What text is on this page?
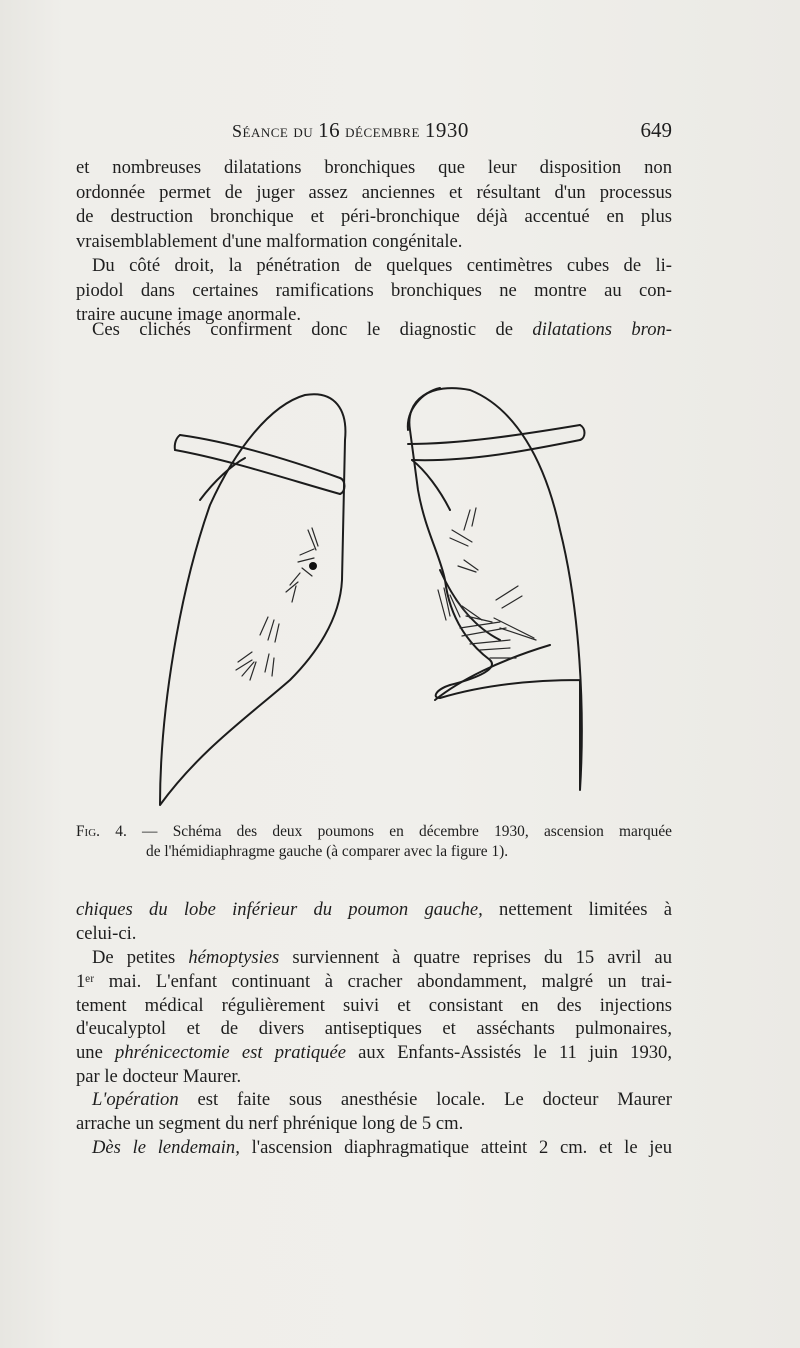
Séance du 16 décembre 1930	649
et nombreuses dilatations bronchiques que leur disposition non
ordonnée permet de juger assez anciennes et résultant d'un processus
de destruction bronchique et péri-bronchique déjà accentué en plus
vraisemblablement d'une malformation congénitale.
Du côté droit, la pénétration de quelques centimètres cubes de li-
piodol dans certaines ramifications bronchiques ne montre au con-
traire aucune image anormale.
Ces clichés confirment donc le diagnostic de dilatations bron-
Fig. 4. — Schéma des deux poumons en décembre 1930, ascension marquée
de l'hémidiaphragme gauche (à comparer avec la figure 1).
chiques du lobe inférieur du poumon gauche, nettement limitées à
celui-ci.
De petites hémoptysies surviennent à quatre reprises du 15 avril au
1ᵉʳ mai. L'enfant continuant à cracher abondamment, malgré un trai-
tement médical régulièrement suivi et consistant en des injections
d'eucalyptol et de divers antiseptiques et asséchants pulmonaires,
une phrénicectomie est pratiquée aux Enfants-Assistés le 11 juin 1930,
par le docteur Maurer.
L'opération est faite sous anesthésie locale. Le docteur Maurer
arrache un segment du nerf phrénique long de 5 cm.
Dès le lendemain, l'ascension diaphragmatique atteint 2 cm. et le jeu
